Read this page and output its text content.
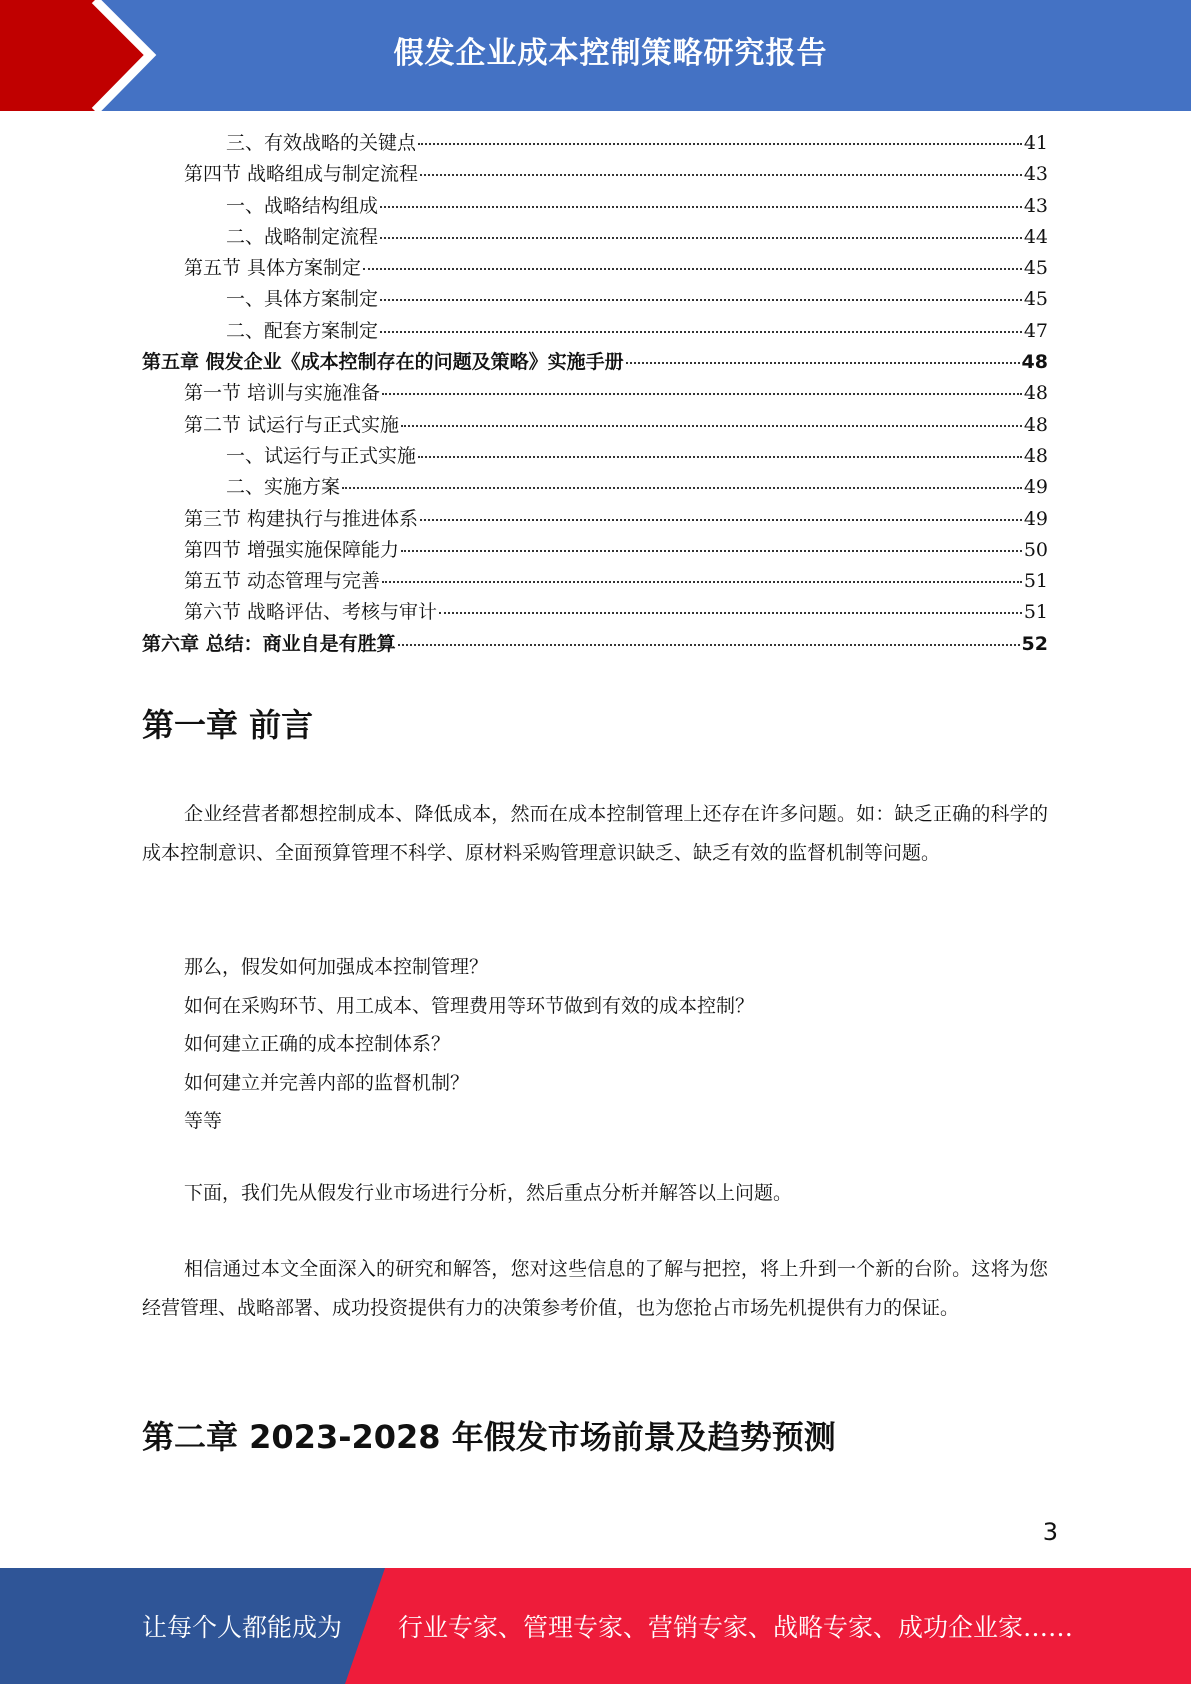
假发企业成本控制策略研究报告
三、有效战略的关键点	41
第四节 战略组成与制定流程	43
一、战略结构组成	43
二、战略制定流程	44
第五节 具体方案制定	45
一、具体方案制定	45
二、配套方案制定	47
第五章 假发企业《成本控制存在的问题及策略》实施手册	48
第一节 培训与实施准备	48
第二节 试运行与正式实施	48
一、试运行与正式实施	48
二、实施方案	49
第三节 构建执行与推进体系	49
第四节 增强实施保障能力	50
第五节 动态管理与完善	51
第六节 战略评估、考核与审计	51
第六章 总结：商业自是有胜算	52
第一章 前言

企业经营者都想控制成本、降低成本，然而在成本控制管理上还存在许多问题。如：缺乏正确的科学的成本控制意识、全面预算管理不科学、原材料采购管理意识缺乏、缺乏有效的监督机制等问题。

那么，假发如何加强成本控制管理？
如何在采购环节、用工成本、管理费用等环节做到有效的成本控制？
如何建立正确的成本控制体系？
如何建立并完善内部的监督机制？
等等

下面，我们先从假发行业市场进行分析，然后重点分析并解答以上问题。

相信通过本文全面深入的研究和解答，您对这些信息的了解与把控，将上升到一个新的台阶。这将为您经营管理、战略部署、成功投资提供有力的决策参考价值，也为您抢占市场先机提供有力的保证。

第二章 2023-2028 年假发市场前景及趋势预测
3
让每个人都能成为 行业专家、管理专家、营销专家、战略专家、成功企业家……
